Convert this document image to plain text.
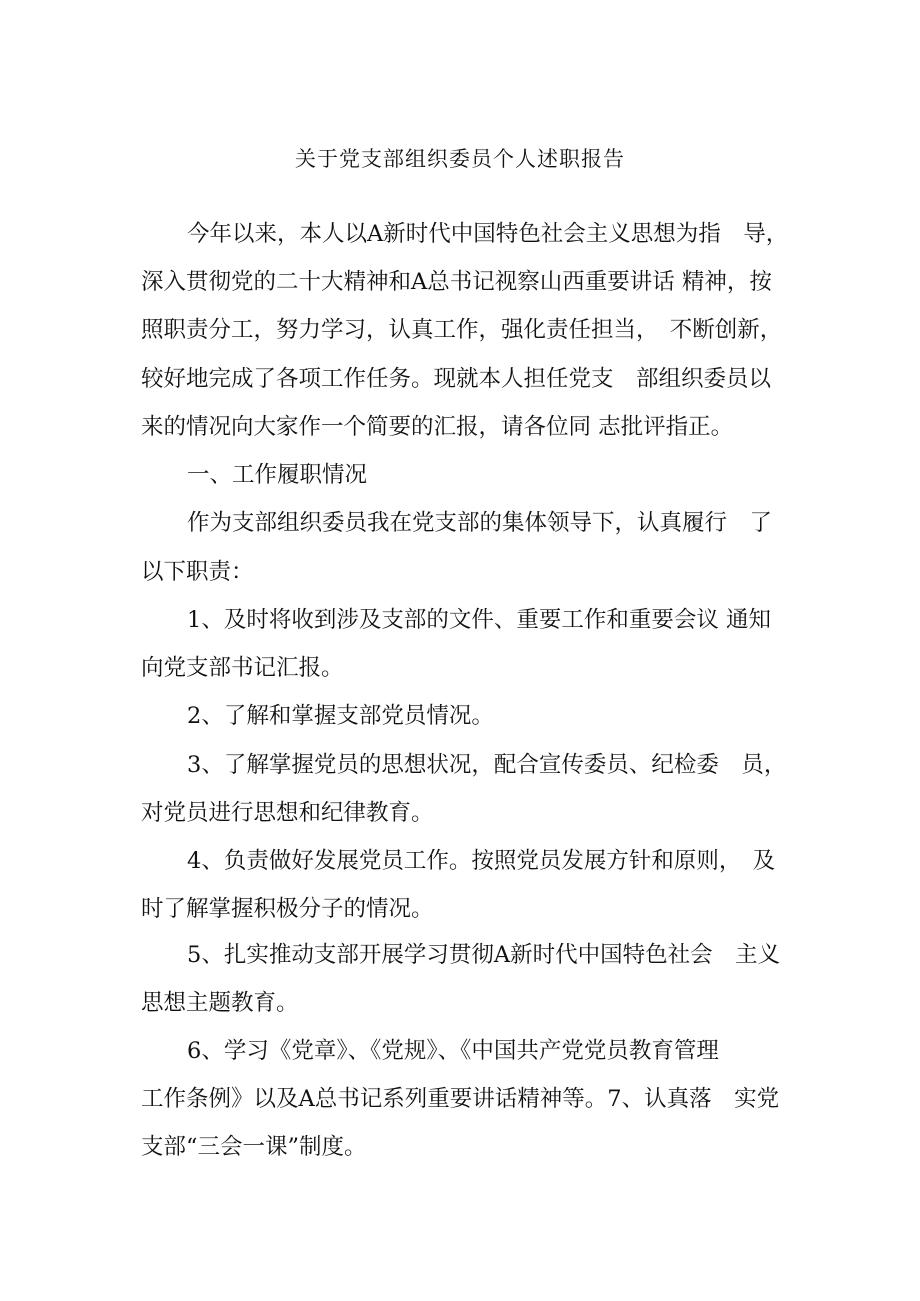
关于党支部组织委员个人述职报告
今年以来，本人以A新时代中国特色社会主义思想为指　导，
深入贯彻党的二十大精神和A总书记视察山西重要讲话 精神，按
照职责分工，努力学习，认真工作，强化责任担当，　不断创新，
较好地完成了各项工作任务。现就本人担任党支　部组织委员以
来的情况向大家作一个简要的汇报，请各位同 志批评指正。
一、工作履职情况
作为支部组织委员我在党支部的集体领导下，认真履行　了
以下职责：
1、及时将收到涉及支部的文件、重要工作和重要会议 通知
向党支部书记汇报。
2、了解和掌握支部党员情况。
3、了解掌握党员的思想状况，配合宣传委员、纪检委　员，
对党员进行思想和纪律教育。
4、负责做好发展党员工作。按照党员发展方针和原则，　及
时了解掌握积极分子的情况。
5、扎实推动支部开展学习贯彻A新时代中国特色社会　主义
思想主题教育。
6、学习《党章》、《党规》、《中国共产党党员教育管理
工作条例》以及A总书记系列重要讲话精神等。7、认真落　实党
支部“三会一课”制度。
